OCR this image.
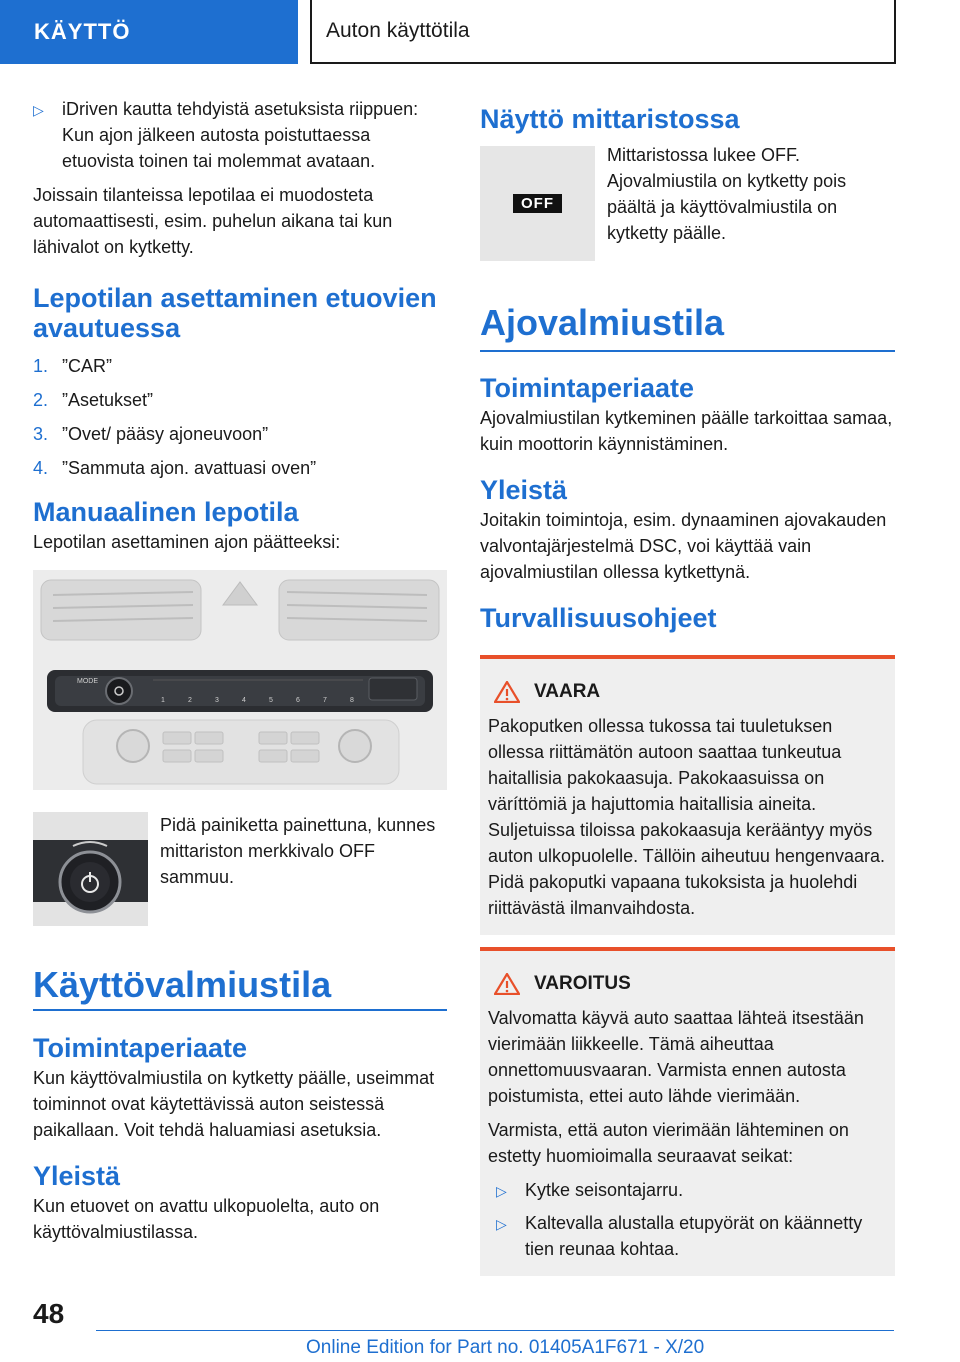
KÄYTTÖ	Auton käyttötila
▷	iDriven kautta tehdyistä asetuksista riippuen: Kun ajon jälkeen autosta poistuttaessa etuovista toinen tai molemmat avataan.

Joissain tilanteissa lepotilaa ei muodosteta automaattisesti, esim. puhelun aikana tai kun lähivalot on kytketty.

Lepotilan asettaminen etuovien avautuessa
1. ”CAR”
2. ”Asetukset”
3. ”Ovet/ pääsy ajoneuvoon”
4. ”Sammuta ajon. avattuasi oven”
Manuaalinen lepotila

Lepotilan asettaminen ajon päätteeksi:

MODE
1	2	3	4	5	6	7	8

Pidä painiketta painettuna, kunnes mittariston merkkivalo OFF sammuu.

Käyttövalmiustila
Toimintaperiaate

Kun käyttövalmiustila on kytketty päälle, useimmat toiminnot ovat käytettävissä auton seistessä paikallaan. Voit tehdä haluamiasi asetuksia.

Yleistä

Kun etuovet on avattu ulkopuolelta, auto on käyttövalmiustilassa.

Näyttö mittaristossa
OFF

Mittaristossa lukee OFF. Ajovalmiustila on kytketty pois päältä ja käyttövalmiustila on kytketty päälle.

Ajovalmiustila
Toimintaperiaate

Ajovalmiustilan kytkeminen päälle tarkoittaa samaa, kuin moottorin käynnistäminen.

Yleistä

Joitakin toimintoja, esim. dynaaminen ajovakauden valvontajärjestelmä DSC, voi käyttää vain ajovalmiustilan ollessa kytkettynä.

Turvallisuusohjeet
VAARA

Pakoputken ollessa tukossa tai tuuletuksen ollessa riittämätön autoon saattaa tunkeutua haitallisia pakokaasuja. Pakokaasuissa on väríttömiä ja hajuttomia haitallisia aineita. Suljetuissa tiloissa pakokaasuja kerääntyy myös auton ulkopuolelle. Tällöin aiheutuu hengenvaara. Pidä pakoputki vapaana tukoksista ja huolehdi riittävästä ilmanvaihdosta.

VAROITUS

Valvomatta käyvä auto saattaa lähteä itsestään vierimään liikkeelle. Tämä aiheuttaa onnettomuusvaaran. Varmista ennen autosta poistumista, ettei auto lähde vierimään.

Varmista, että auton vierimään lähteminen on estetty huomioimalla seuraavat seikat:

▷	Kytke seisontajarru.
▷	Kaltevalla alustalla etupyörät on käännetty tien reunaa kohtaa.
48
Online Edition for Part no. 01405A1F671 - X/20
